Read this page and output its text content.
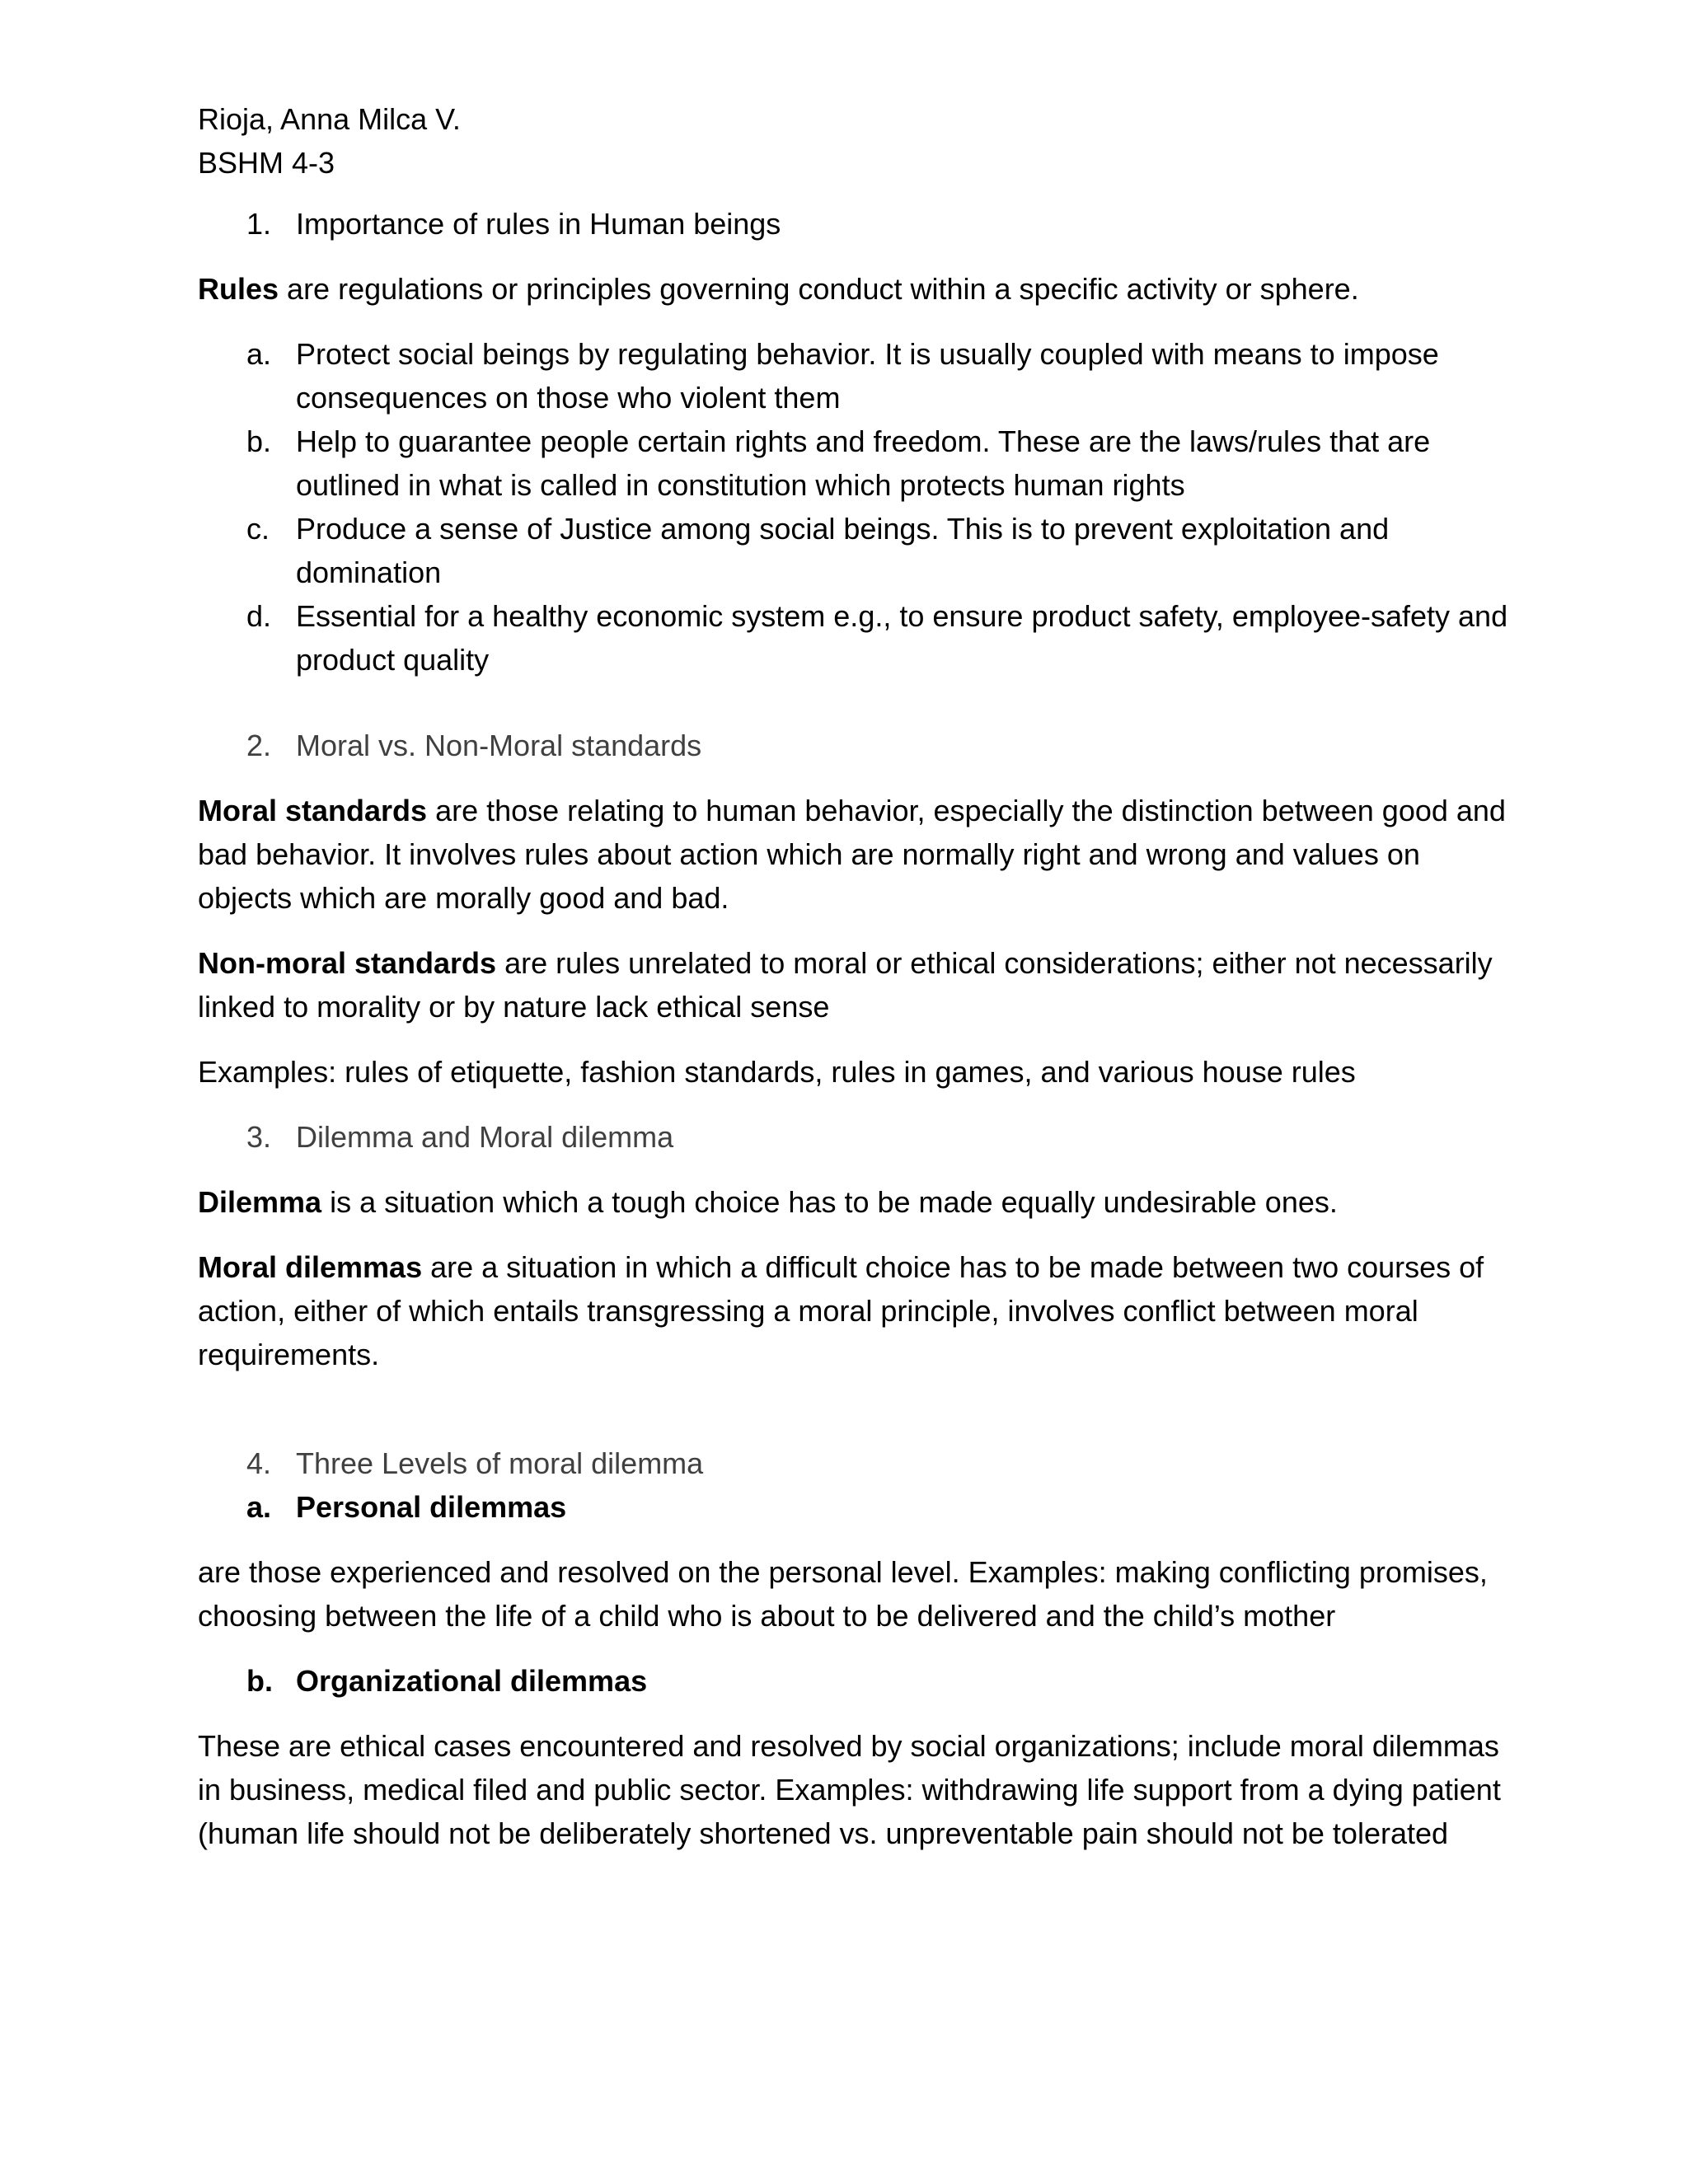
Rioja, Anna Milca V.

BSHM 4-3

1. Importance of rules in Human beings

Rules are regulations or principles governing conduct within a specific activity or sphere.

a. Protect social beings by regulating behavior. It is usually coupled with means to impose consequences on those who violent them
b. Help to guarantee people certain rights and freedom. These are the laws/rules that are outlined in what is called in constitution which protects human rights
c. Produce a sense of Justice among social beings. This is to prevent exploitation and domination
d. Essential for a healthy economic system e.g., to ensure product safety, employee-safety and product quality
2. Moral vs. Non-Moral standards

Moral standards are those relating to human behavior, especially the distinction between good and bad behavior. It involves rules about action which are normally right and wrong and values on objects which are morally good and bad.

Non-moral standards are rules unrelated to moral or ethical considerations; either not necessarily linked to morality or by nature lack ethical sense

Examples: rules of etiquette, fashion standards, rules in games, and various house rules

3. Dilemma and Moral dilemma

Dilemma is a situation which a tough choice has to be made equally undesirable ones.

Moral dilemmas are a situation in which a difficult choice has to be made between two courses of action, either of which entails transgressing a moral principle, involves conflict between moral requirements.

4. Three Levels of moral dilemma
a. Personal dilemmas

are those experienced and resolved on the personal level. Examples: making conflicting promises, choosing between the life of a child who is about to be delivered and the child’s mother

b. Organizational dilemmas

These are ethical cases encountered and resolved by social organizations; include moral dilemmas in business, medical filed and public sector. Examples: withdrawing life support from a dying patient (human life should not be deliberately shortened vs. unpreventable pain should not be tolerated
